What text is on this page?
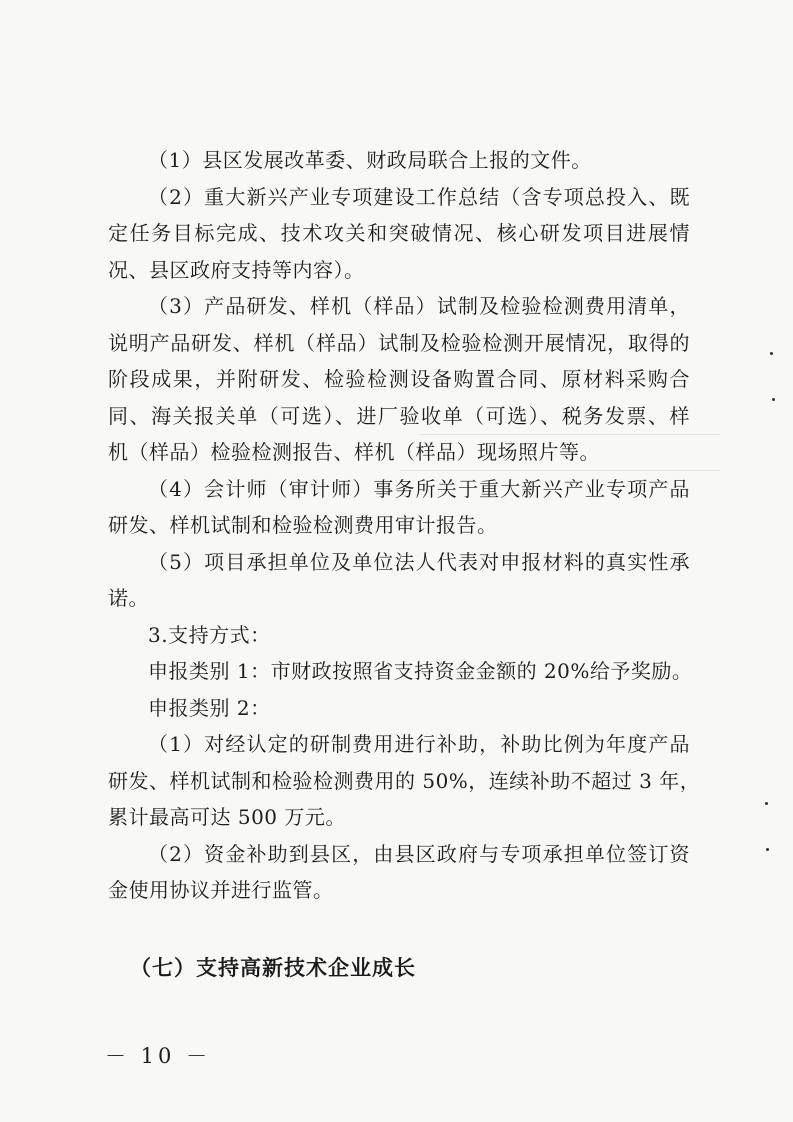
（1）县区发展改革委、财政局联合上报的文件。
（2）重大新兴产业专项建设工作总结（含专项总投入、既
定任务目标完成、技术攻关和突破情况、核心研发项目进展情
况、县区政府支持等内容）。
（3）产品研发、样机（样品）试制及检验检测费用清单，
说明产品研发、样机（样品）试制及检验检测开展情况，取得的
阶段成果，并附研发、检验检测设备购置合同、原材料采购合
同、海关报关单（可选）、进厂验收单（可选）、税务发票、样
机（样品）检验检测报告、样机（样品）现场照片等。
（4）会计师（审计师）事务所关于重大新兴产业专项产品
研发、样机试制和检验检测费用审计报告。
（5）项目承担单位及单位法人代表对申报材料的真实性承
诺。
3.支持方式：
申报类别 1：市财政按照省支持资金金额的 20%给予奖励。
申报类别 2：
（1）对经认定的研制费用进行补助，补助比例为年度产品
研发、样机试制和检验检测费用的 50%，连续补助不超过 3 年，
累计最高可达 500 万元。
（2）资金补助到县区，由县区政府与专项承担单位签订资
金使用协议并进行监管。
（七）支持高新技术企业成长
－ 10 －
